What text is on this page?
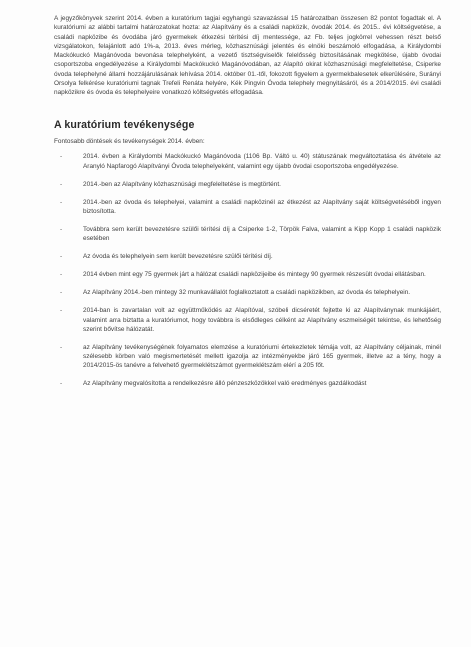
A jegyzőkönyvek szerint 2014. évben a kuratórium tagjai egyhangú szavazással 15 határozatban összesen 82 pontot fogadtak el. A kuratóriumi az alábbi tartalmi határozatokat hozta: az Alapítvány és a családi napközik, óvodák 2014. és 2015.. évi költségvetése, a családi napközibe és óvodába járó gyermekek étkezési térítési díj mentessége, az Fb. teljes jogkörrel vehessen részt belső vizsgálatokon, felajánlott adó 1%-a, 2013. éves mérleg, közhasznúsági jelentés és elnöki beszámoló elfogadása, a Királydombi Mackókuckó Magánóvoda bevonása telephelyként, a vezető tisztségviselők felelősség biztosításának megkötése, újabb óvodai csoportszoba engedélyezése a Királydombi Mackókuckó Magánóvodában, az Alapító okirat közhasznúsági megfeleltetése, Csiperke óvoda telephelyné állami hozzájárulásának lehívása 2014. október 01.-től, fokozott figyelem a gyermekbalesetek elkerülésére, Surányi Orsolya felkérése kuratóriumi tagnak Trefeli Renáta helyére, Kék Pingvin Óvoda telephely megnyitásáról, és a 2014/2015. évi családi napközikre és óvoda és telephelyeire vonatkozó költségvetés elfogadása.

A kuratórium tevékenysége

Fontosabb döntések és tevékenységek 2014. évben:

-	2014. évben a Királydombi Mackókuckó Magánóvoda (1106 Bp. Váltó u. 40) státuszának megváltoztatása és átvétele az Aranyló Napfarogó Alapítványi Óvoda telephelyeként, valamint egy újabb óvodai csoportszoba engedélyezése.
-	2014.-ben az Alapítvány közhasznúsági megfeleltetése is megtörtént.
-	2014.-ben az óvoda és telephelyei, valamint a családi napközinél az étkezést az Alapítvány saját költségvetéséből ingyen biztosította.
-	Továbbra sem került bevezetésre szülői térítési díj a Csiperke 1-2, Törpök Falva, valamint a Kipp Kopp 1 családi napközik esetében
-	Az óvoda és telephelyein sem került bevezetésre szülői térítési díj.
-	2014 évben mint egy 75 gyermek járt a hálózat családi napközijeibe és mintegy 90 gyermek részesült óvodai ellátásban.
-	Az Alapítvány 2014.-ben mintegy 32 munkavállalót foglalkoztatott a családi napközikben, az óvoda és telephelyein.
-	2014-ban is zavartalan volt az együttműködés az Alapítóval, szóbeli dicséretét fejtette ki az Alapítványnak munkájáért, valamint arra biztatta a kuratóriumot, hogy továbbra is elsődleges célként az Alapítvány eszmeiségét tekintse, és lehetőség szerint bővítse hálózatát.
-	az Alapítvány tevékenységének folyamatos elemzése a kuratóriumi értekezletek témája volt, az Alapítvány céljainak, minél szélesebb körben való megismertetését mellett igazolja az intézményekbe járó 165 gyermek, illetve az a tény, hogy a 2014/2015-ös tanévre a felvehető gyermeklétszámot gyermeklétszám elérí a 205 főt.
-	Az Alapítvány megvalósította a rendelkezésre álló pénzeszközökkel való eredményes gazdálkodást
